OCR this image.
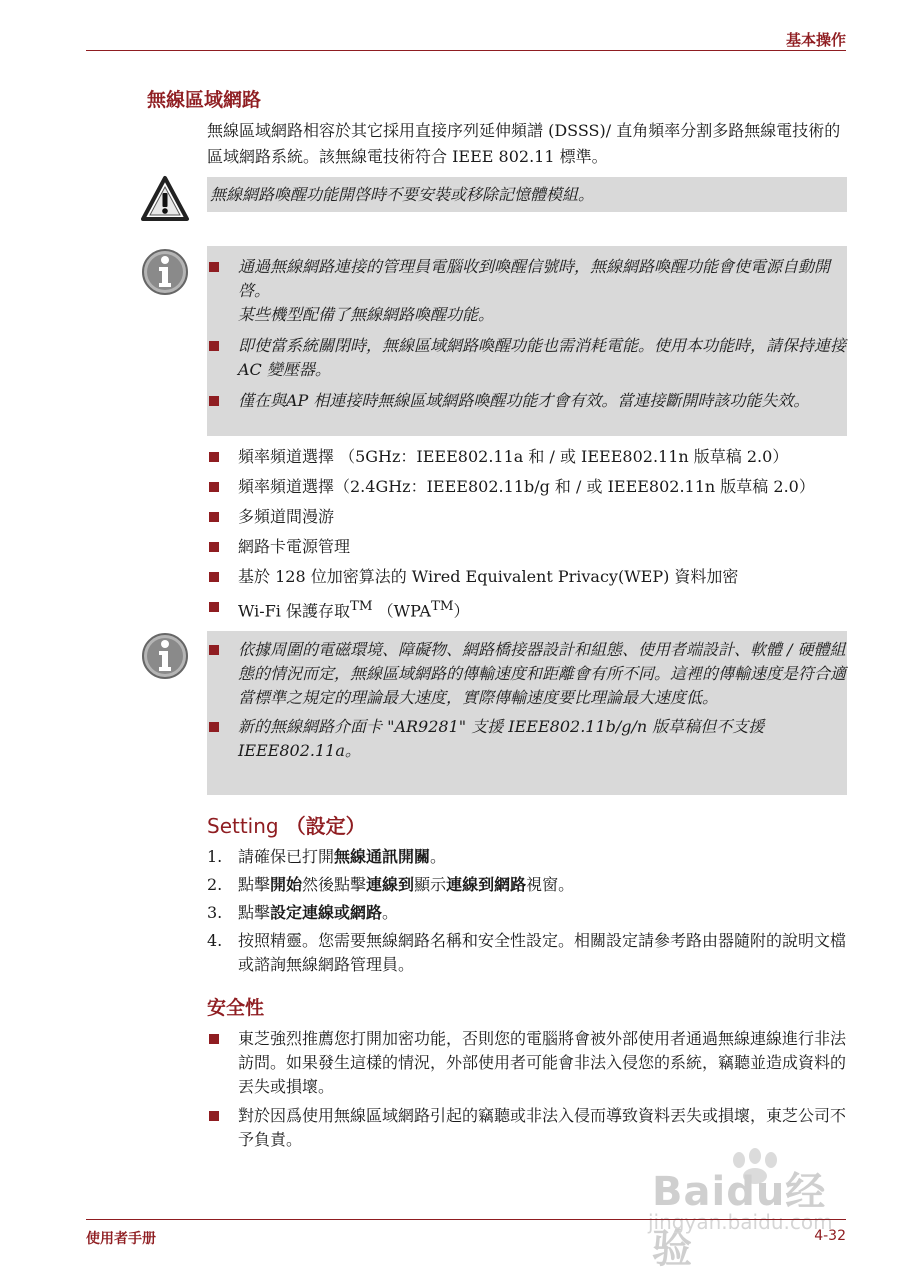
基本操作
無線區域網路
無線區域網路相容於其它採用直接序列延伸頻譜 (DSSS)/ 直角頻率分割多路無線電技術的區域網路系統。該無線電技術符合 IEEE 802.11 標準。
無線網路喚醒功能開啓時不要安裝或移除記憶體模組。
通過無線網路連接的管理員電腦收到喚醒信號時，無線網路喚醒功能會使電源自動開啓。
某些機型配備了無線網路喚醒功能。
即使當系統關閉時，無線區域網路喚醒功能也需消耗電能。使用本功能時，請保持連接 AC 變壓器。
僅在與AP 相連接時無線區域網路喚醒功能才會有效。當連接斷開時該功能失效。
頻率頻道選擇 （5GHz：IEEE802.11a 和 / 或 IEEE802.11n 版草稿 2.0）
頻率頻道選擇（2.4GHz：IEEE802.11b/g 和 / 或 IEEE802.11n 版草稿 2.0）
多頻道間漫游
網路卡電源管理
基於 128 位加密算法的 Wired Equivalent Privacy(WEP) 資料加密
Wi-Fi 保護存取™ （WPA™）
依據周圍的電磁環境、障礙物、網路橋接器設計和組態、使用者端設計、軟體 / 硬體組態的情況而定，無線區域網路的傳輸速度和距離會有所不同。這裡的傳輸速度是符合適當標準之規定的理論最大速度，實際傳輸速度要比理論最大速度低。
新的無線網路介面卡 "AR9281" 支援 IEEE802.11b/g/n 版草稿但不支援 IEEE802.11a。
Setting （設定）
1. 請確保已打開無線通訊開關。
2. 點擊開始然後點擊連線到顯示連線到網路視窗。
3. 點擊設定連線或網路。
4. 按照精靈。您需要無線網路名稱和安全性設定。相關設定請參考路由器隨附的說明文檔或諮詢無線網路管理員。
安全性
東芝強烈推薦您打開加密功能，否則您的電腦將會被外部使用者通過無線連線進行非法訪問。如果發生這樣的情況，外部使用者可能會非法入侵您的系統，竊聽並造成資料的丟失或損壞。
對於因爲使用無線區域網路引起的竊聽或非法入侵而導致資料丟失或損壞，東芝公司不予負責。
Baidu经验
jingyan.baidu.com
使用者手册	4-32
